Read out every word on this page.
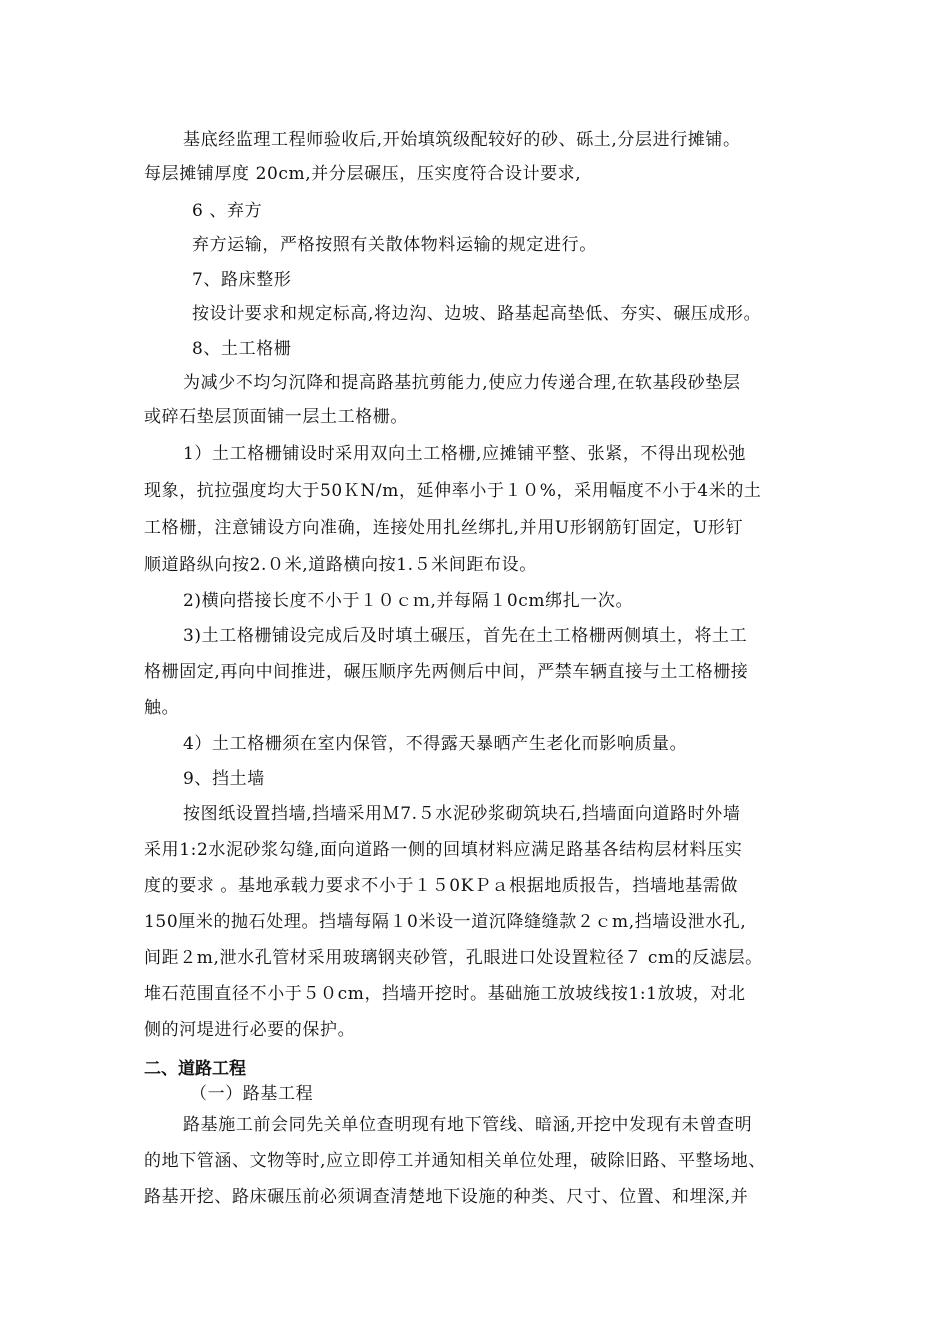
基底经监理工程师验收后,开始填筑级配较好的砂、砾土,分层进行摊铺。
每层摊铺厚度 20cm,并分层碾压，压实度符合设计要求,
6 、弃方
弃方运输，严格按照有关散体物料运输的规定进行。
7、路床整形
按设计要求和规定标高,将边沟、边坡、路基起高垫低、夯实、碾压成形。
8、土工格栅
为减少不均匀沉降和提高路基抗剪能力,使应力传递合理,在软基段砂垫层
或碎石垫层顶面铺一层土工格栅。
1）土工格栅铺设时采用双向土工格栅,应摊铺平整、张紧，不得出现松弛
现象，抗拉强度均大于50ＫN/m，延伸率小于１０%，采用幅度不小于4米的土
工格栅，注意铺设方向准确，连接处用扎丝绑扎,并用U形钢筋钉固定，U形钉
顺道路纵向按2.０米,道路横向按1.５米间距布设。
2)横向搭接长度不小于１０ｃｍ,并每隔１0cm绑扎一次。
3)土工格栅铺设完成后及时填土碾压，首先在土工格栅两侧填土，将土工
格栅固定,再向中间推进，碾压顺序先两侧后中间，严禁车辆直接与土工格栅接
触。
4）土工格栅须在室内保管，不得露天暴晒产生老化而影响质量。
9、挡土墙
按图纸设置挡墙,挡墙采用Ｍ7.５水泥砂浆砌筑块石,挡墙面向道路时外墙
采用1:2水泥砂浆勾缝,面向道路一侧的回填材料应满足路基各结构层材料压实
度的要求 。基地承载力要求不小于１５0KＰａ根据地质报告，挡墙地基需做
150厘米的抛石处理。挡墙每隔１0米设一道沉降缝缝款２ｃm,挡墙设泄水孔,
间距２m,泄水孔管材采用玻璃钢夹砂管，孔眼进口处设置粒径７ cm的反滤层。
堆石范围直径不小于５０cm，挡墙开挖时。基础施工放坡线按1:1放坡，对北
侧的河堤进行必要的保护。
二、道路工程
（一）路基工程
路基施工前会同先关单位查明现有地下管线、暗涵,开挖中发现有未曾查明
的地下管涵、文物等时,应立即停工并通知相关单位处理，破除旧路、平整场地、
路基开挖、路床碾压前必须调查清楚地下设施的种类、尺寸、位置、和埋深,并
